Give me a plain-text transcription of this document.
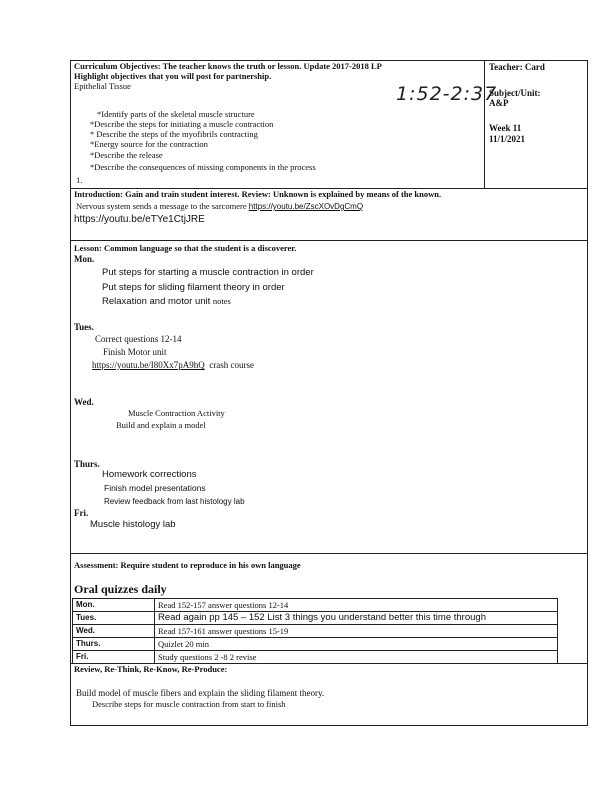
Curriculum Objectives: The teacher knows the truth or lesson. Update 2017-2018 LP
Highlight objectives that you will post for partnership.
Epithelial Tissue	1:52-2:37
Teacher: Card
Subject/Unit:
A&P
Week 11
11/1/2021
*Identify parts of the skeletal muscle structure
*Describe the steps for initiating a muscle contraction
* Describe the steps of the myofibrils contracting
*Energy source for the contraction
*Describe the release
*Describe the consequences of missing components in the process
1.
Introduction: Gain and train student interest. Review: Unknown is explained by means of the known.
Nervous system sends a message to the sarcomere https://youtu.be/ZscXOvDgCmQ
https://youtu.be/eTYe1CtjJRE
Lesson: Common language so that the student is a discoverer.
Mon.
Put steps for starting a muscle contraction in order
Put steps for sliding filament theory in order
Relaxation and motor unit notes
Tues.
Correct questions 12-14
Finish Motor unit
https://youtu.be/I80Xx7pA9hQ crash course
Wed.
Muscle Contraction Activity
Build and explain a model
Thurs.
Homework corrections
Finish model presentations
Review feedback from last histology lab
Fri.
Muscle histology lab
Assessment: Require student to reproduce in his own language
Oral quizzes daily
Mon.	Read 152-157 answer questions 12-14
Tues.	Read again pp 145 – 152 List 3 things you understand better this time through
Wed.	Read 157-161 answer questions 15-19
Thurs.	Quizlet 20 min
Fri.	Study questions 2 -8 2 revise
Review, Re-Think, Re-Know, Re-Produce:
Build model of muscle fibers and explain the sliding filament theory.
Describe steps for muscle contraction from start to finish
